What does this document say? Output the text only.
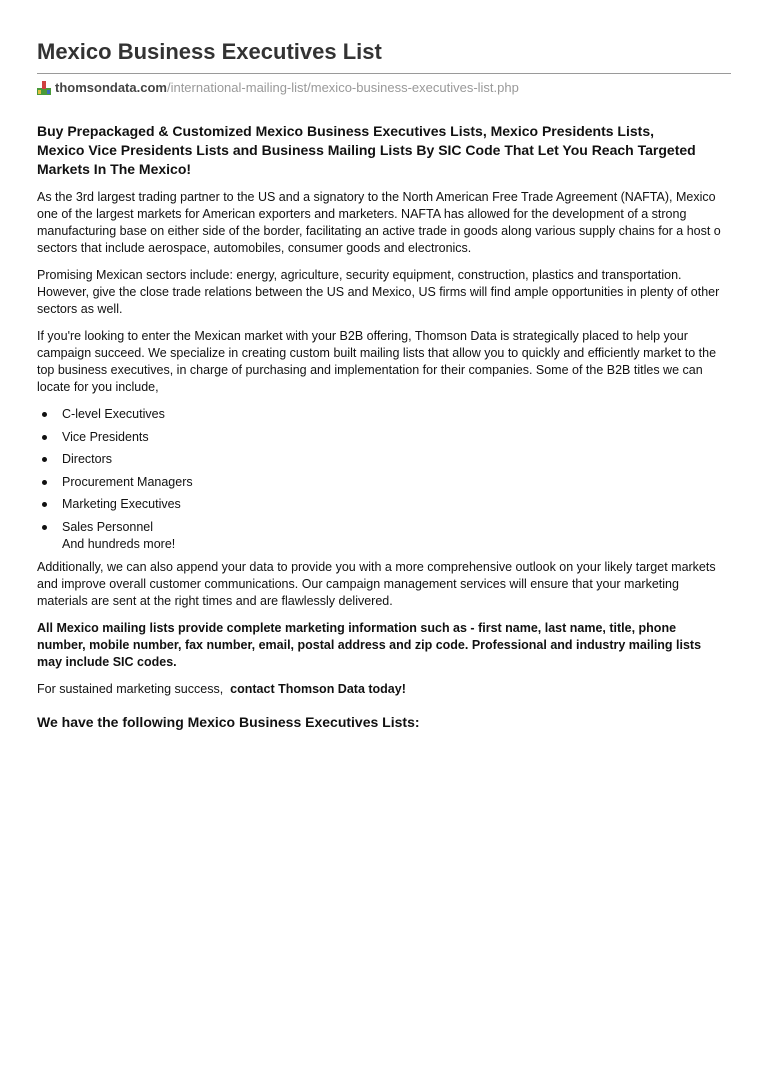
Mexico Business Executives List
thomsondata.com /international-mailing-list/mexico-business-executives-list.php
Buy Prepackaged & Customized Mexico Business Executives Lists, Mexico Presidents Lists,
Mexico Vice Presidents Lists and Business Mailing Lists By SIC Code That Let You Reach Targeted
Markets In The Mexico!

As the 3rd largest trading partner to the US and a signatory to the North American Free Trade Agreement (NAFTA), Mexico
one of the largest markets for American exporters and marketers. NAFTA has allowed for the development of a strong
manufacturing base on either side of the border, facilitating an active trade in goods along various supply chains for a host o
sectors that include aerospace, automobiles, consumer goods and electronics.

Promising Mexican sectors include: energy, agriculture, security equipment, construction, plastics and transportation.
However, give the close trade relations between the US and Mexico, US firms will find ample opportunities in plenty of other
sectors as well.

If you're looking to enter the Mexican market with your B2B offering, Thomson Data is strategically placed to help your
campaign succeed. We specialize in creating custom built mailing lists that allow you to quickly and efficiently market to the
top business executives, in charge of purchasing and implementation for their companies. Some of the B2B titles we can
locate for you include,

C-level Executives
Vice Presidents
Directors
Procurement Managers
Marketing Executives
Sales Personnel
And hundreds more!

Additionally, we can also append your data to provide you with a more comprehensive outlook on your likely target markets
and improve overall customer communications. Our campaign management services will ensure that your marketing
materials are sent at the right times and are flawlessly delivered.

All Mexico mailing lists provide complete marketing information such as - first name, last name, title, phone
number, mobile number, fax number, email, postal address and zip code. Professional and industry mailing lists
may include SIC codes.

For sustained marketing success, contact Thomson Data today!

We have the following Mexico Business Executives Lists:
